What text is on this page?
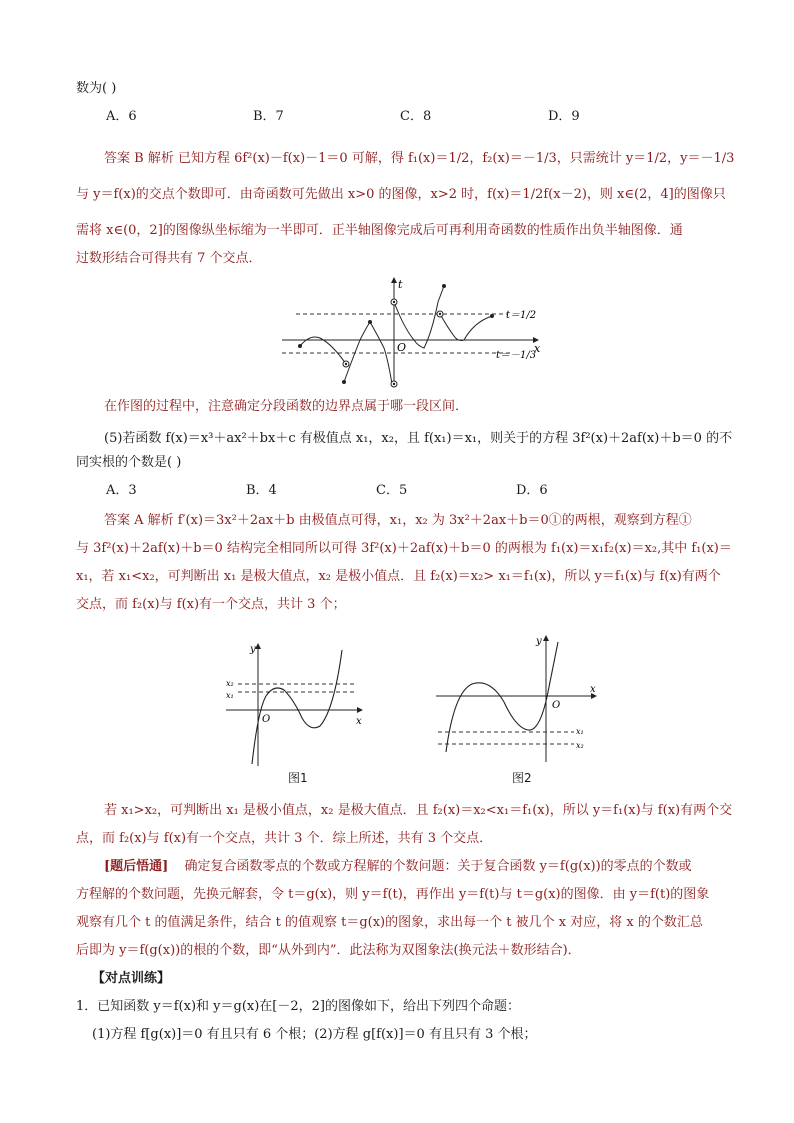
数为( )
A．6	B．7	C．8	D．9
答案 B 解析 已知方程 6f²(x)－f(x)－1＝0 可解，得 f₁(x)＝1/2，f₂(x)＝－1/3，只需统计 y＝1/2，y＝－1/3
与 y＝f(x)的交点个数即可．由奇函数可先做出 x>0 的图像，x>2 时，f(x)＝1/2f(x－2)，则 x∈(2，4]的图像只
需将 x∈(0，2]的图像纵坐标缩为一半即可．正半轴图像完成后可再利用奇函数的性质作出负半轴图像．通
过数形结合可得共有 7 个交点．
t
x
O
t＝1/2
t＝－1/3
在作图的过程中，注意确定分段函数的边界点属于哪一段区间．
(5)若函数 f(x)＝x³＋ax²＋bx＋c 有极值点 x₁，x₂，且 f(x₁)＝x₁，则关于的方程 3f²(x)＋2af(x)＋b＝0 的不
同实根的个数是( )
A．3	B．4	C．5	D．6
答案 A 解析 f′(x)＝3x²＋2ax＋b 由极值点可得，x₁，x₂ 为 3x²＋2ax＋b＝0①的两根，观察到方程①
与 3f²(x)＋2af(x)＋b＝0 结构完全相同所以可得 3f²(x)＋2af(x)＋b＝0 的两根为 f₁(x)＝x₁f₂(x)＝x₂,其中 f₁(x)＝
x₁，若 x₁<x₂，可判断出 x₁ 是极大值点，x₂ 是极小值点．且 f₂(x)＝x₂> x₁＝f₁(x)，所以 y＝f₁(x)与 f(x)有两个
交点，而 f₂(x)与 f(x)有一个交点，共计 3 个；
y
x
O
x₂
x₁
图1
y
x
O
x₁
x₂
图2
若 x₁>x₂，可判断出 x₁ 是极小值点，x₂ 是极大值点．且 f₂(x)＝x₂<x₁＝f₁(x)，所以 y＝f₁(x)与 f(x)有两个交
点，而 f₂(x)与 f(x)有一个交点，共计 3 个．综上所述，共有 3 个交点．
[题后悟通] 确定复合函数零点的个数或方程解的个数问题：关于复合函数 y＝f(g(x))的零点的个数或
方程解的个数问题，先换元解套，令 t＝g(x)，则 y＝f(t)，再作出 y＝f(t)与 t＝g(x)的图像．由 y＝f(t)的图象
观察有几个 t 的值满足条件，结合 t 的值观察 t＝g(x)的图象，求出每一个 t 被几个 x 对应，将 x 的个数汇总
后即为 y＝f(g(x))的根的个数，即“从外到内”．此法称为双图象法(换元法＋数形结合)．
【对点训练】
1．已知函数 y＝f(x)和 y＝g(x)在[－2，2]的图像如下，给出下列四个命题：
(1)方程 f[g(x)]＝0 有且只有 6 个根；(2)方程 g[f(x)]＝0 有且只有 3 个根；
